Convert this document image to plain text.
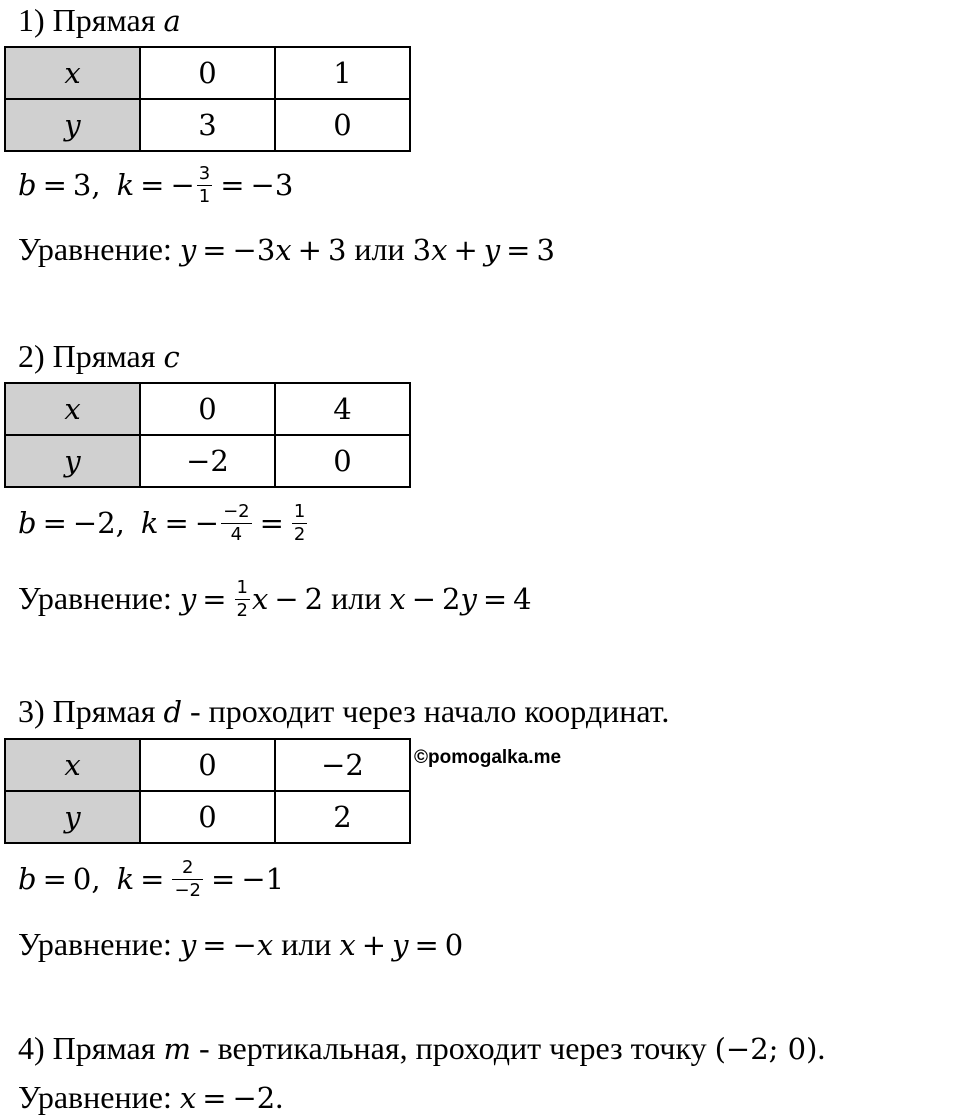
1) Прямая a
x	0	1
y	3	0
b = 3, k = − $\frac{3}{1} = -3$
Уравнение: y = −3x + 3 или 3x + y = 3
2) Прямая c
x	0	4
y	−2	0
b = −2, k = − $\frac{-2}{4} = \frac{1}{2}$
Уравнение: $y = \frac{1}{2}$ x − 2 или x − 2y = 4
3) Прямая d - проходит через начало координат.
x	0	−2
y	0	2
©pomogalka.me
b = 0, $k = \frac{2}{-2} = -1$
Уравнение: y = −x или x + y = 0
4) Прямая m - вертикальная, проходит через точку (−2; 0).
Уравнение: x = −2.
